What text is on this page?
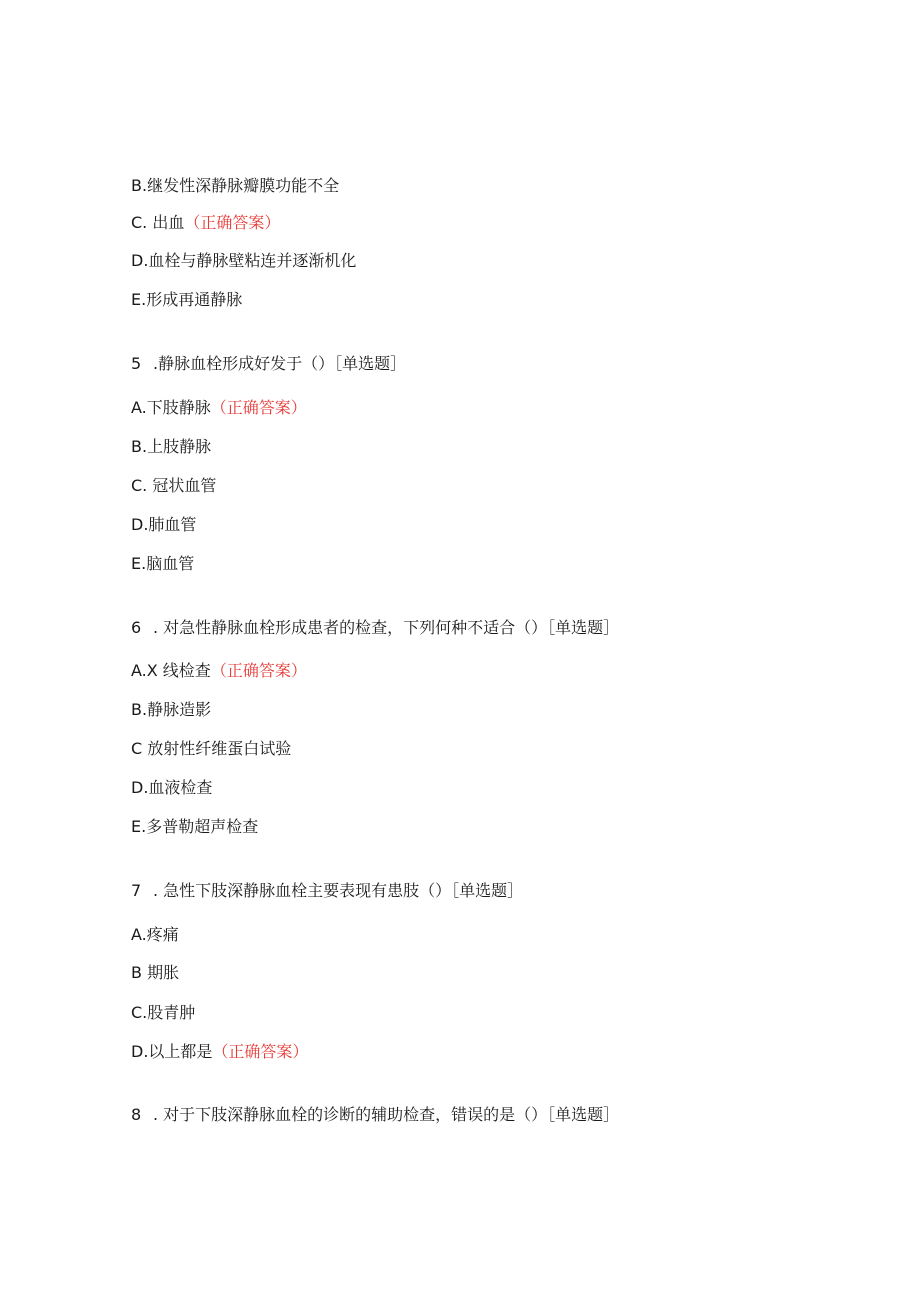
B.继发性深静脉瓣膜功能不全
C. 出血（正确答案）
D.血栓与静脉壁粘连并逐渐机化
E.形成再通静脉
5 .静脉血栓形成好发于（）［单选题］
A.下肢静脉（正确答案）
B.上肢静脉
C. 冠状血管
D.肺血管
E.脑血管
6 . 对急性静脉血栓形成患者的检查，下列何种不适合（）［单选题］
A.X 线检查（正确答案）
B.静脉造影
C 放射性纤维蛋白试验
D.血液检查
E.多普勒超声检查
7 . 急性下肢深静脉血栓主要表现有患肢（）［单选题］
A.疼痛
B 期胀
C.股青肿
D.以上都是（正确答案）
8 . 对于下肢深静脉血栓的诊断的辅助检查，错误的是（）［单选题］
